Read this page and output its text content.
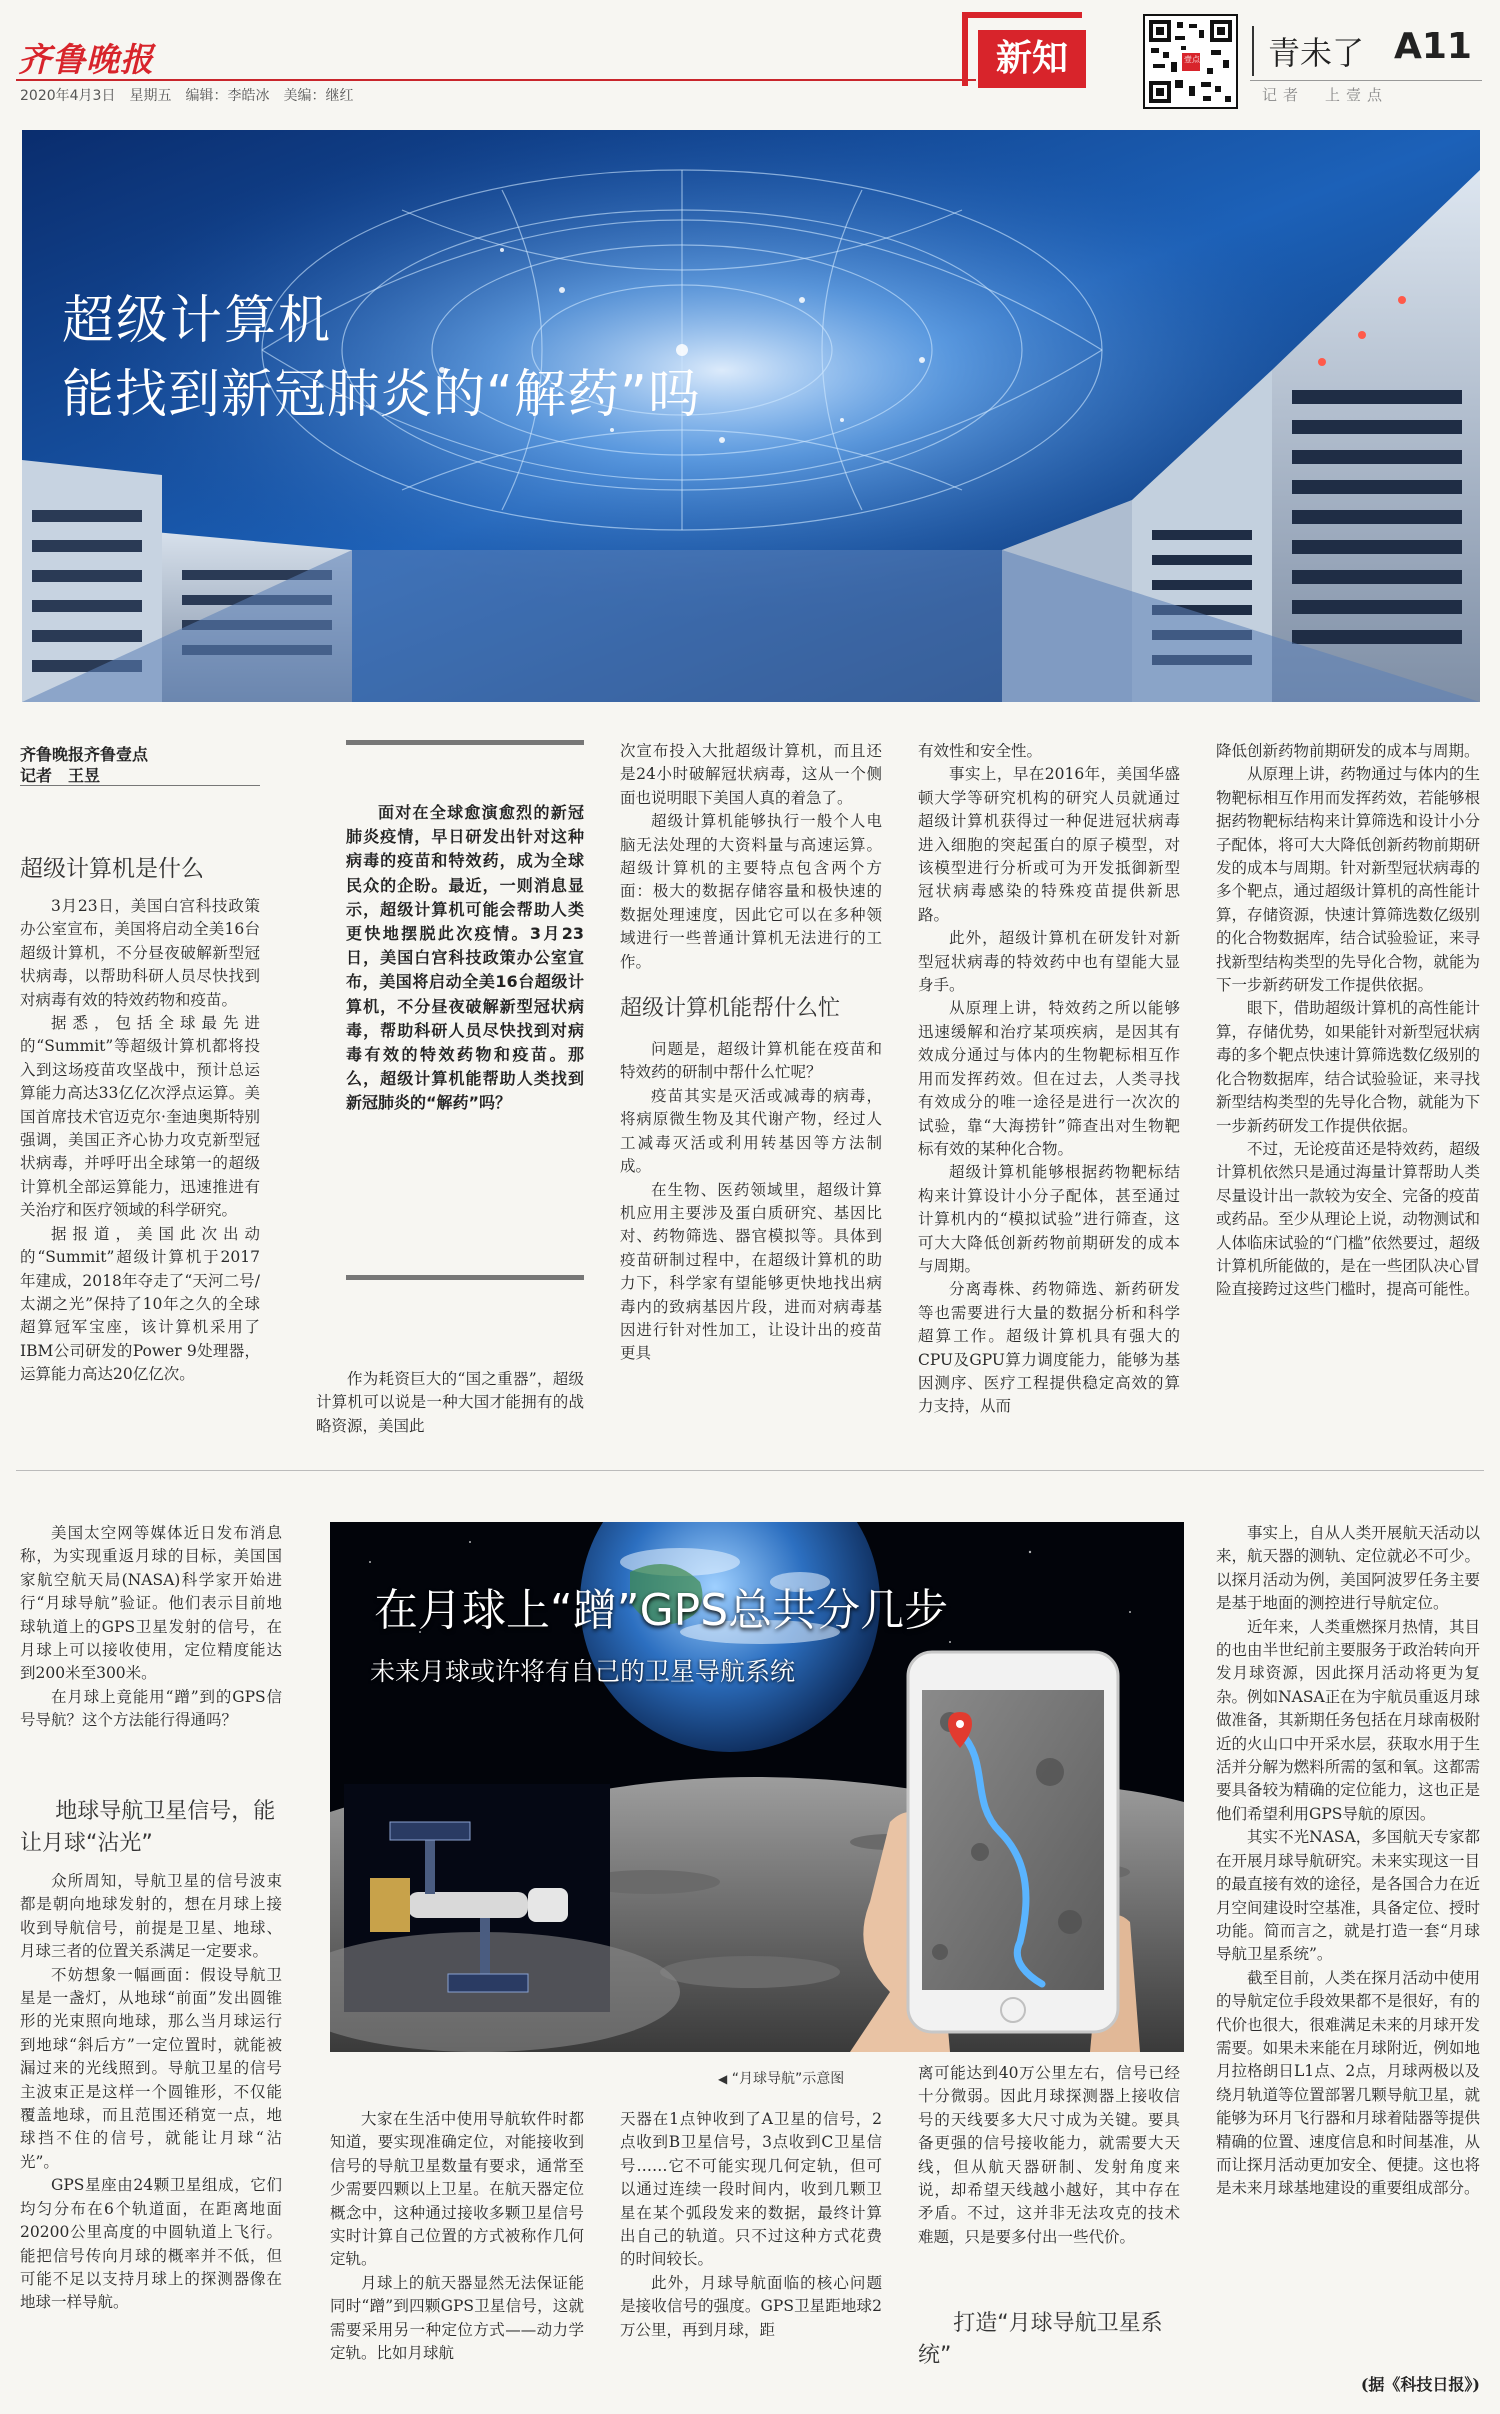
齐鲁晚报
2020年4月3日　星期五　编辑：李皓冰　美编：继红
新知	壹点 青未了 A11
记者　上壹点
超级计算机
能找到新冠肺炎的“解药”吗
齐鲁晚报齐鲁壹点
记者　王昱
超级计算机是什么

3月23日，美国白宫科技政策办公室宣布，美国将启动全美16台超级计算机，不分昼夜破解新型冠状病毒，以帮助科研人员尽快找到对病毒有效的特效药物和疫苗。

据悉，包括全球最先进的“Summit”等超级计算机都将投入到这场疫苗攻坚战中，预计总运算能力高达33亿亿次浮点运算。美国首席技术官迈克尔·奎迪奥斯特别强调，美国正齐心协力攻克新型冠状病毒，并呼吁出全球第一的超级计算机全部运算能力，迅速推进有关治疗和医疗领域的科学研究。

据报道，美国此次出动的“Summit”超级计算机于2017年建成，2018年夺走了“天河二号/太湖之光”保持了10年之久的全球超算冠军宝座，该计算机采用了IBM公司研发的Power 9处理器，运算能力高达20亿亿次。

面对在全球愈演愈烈的新冠肺炎疫情，早日研发出针对这种病毒的疫苗和特效药，成为全球民众的企盼。最近，一则消息显示，超级计算机可能会帮助人类更快地摆脱此次疫情。3月23日，美国白宫科技政策办公室宣布，美国将启动全美16台超级计算机，不分昼夜破解新型冠状病毒，帮助科研人员尽快找到对病毒有效的特效药物和疫苗。那么，超级计算机能帮助人类找到新冠肺炎的“解药”吗？

作为耗资巨大的“国之重器”，超级计算机可以说是一种大国才能拥有的战略资源，美国此

次宣布投入大批超级计算机，而且还是24小时破解冠状病毒，这从一个侧面也说明眼下美国人真的着急了。

超级计算机能够执行一般个人电脑无法处理的大资料量与高速运算。超级计算机的主要特点包含两个方面：极大的数据存储容量和极快速的数据处理速度，因此它可以在多种领域进行一些普通计算机无法进行的工作。

超级计算机能帮什么忙

问题是，超级计算机能在疫苗和特效药的研制中帮什么忙呢？

疫苗其实是灭活或减毒的病毒，将病原微生物及其代谢产物，经过人工减毒灭活或利用转基因等方法制成。

在生物、医药领域里，超级计算机应用主要涉及蛋白质研究、基因比对、药物筛选、器官模拟等。具体到疫苗研制过程中，在超级计算机的助力下，科学家有望能够更快地找出病毒内的致病基因片段，进而对病毒基因进行针对性加工，让设计出的疫苗更具

有效性和安全性。

事实上，早在2016年，美国华盛顿大学等研究机构的研究人员就通过超级计算机获得过一种促进冠状病毒进入细胞的突起蛋白的原子模型，对该模型进行分析或可为开发抵御新型冠状病毒感染的特殊疫苗提供新思路。

此外，超级计算机在研发针对新型冠状病毒的特效药中也有望能大显身手。

从原理上讲，特效药之所以能够迅速缓解和治疗某项疾病，是因其有效成分通过与体内的生物靶标相互作用而发挥药效。但在过去，人类寻找有效成分的唯一途径是进行一次次的试验，靠“大海捞针”筛查出对生物靶标有效的某种化合物。

超级计算机能够根据药物靶标结构来计算设计小分子配体，甚至通过计算机内的“模拟试验”进行筛查，这可大大降低创新药物前期研发的成本与周期。

分离毒株、药物筛选、新药研发等也需要进行大量的数据分析和科学超算工作。超级计算机具有强大的CPU及GPU算力调度能力，能够为基因测序、医疗工程提供稳定高效的算力支持，从而

降低创新药物前期研发的成本与周期。

从原理上讲，药物通过与体内的生物靶标相互作用而发挥药效，若能够根据药物靶标结构来计算筛选和设计小分子配体，将可大大降低创新药物前期研发的成本与周期。针对新型冠状病毒的多个靶点，通过超级计算机的高性能计算，存储资源，快速计算筛选数亿级别的化合物数据库，结合试验验证，来寻找新型结构类型的先导化合物，就能为下一步新药研发工作提供依据。

眼下，借助超级计算机的高性能计算，存储优势，如果能针对新型冠状病毒的多个靶点快速计算筛选数亿级别的化合物数据库，结合试验验证，来寻找新型结构类型的先导化合物，就能为下一步新药研发工作提供依据。

不过，无论疫苗还是特效药，超级计算机依然只是通过海量计算帮助人类尽量设计出一款较为安全、完备的疫苗或药品。至少从理论上说，动物测试和人体临床试验的“门槛”依然要过，超级计算机所能做的，是在一些团队决心冒险直接跨过这些门槛时，提高可能性。

在月球上“蹭”GPS总共分几步
未来月球或许将有自己的卫星导航系统
◀ “月球导航”示意图

美国太空网等媒体近日发布消息称，为实现重返月球的目标，美国国家航空航天局(NASA)科学家开始进行“月球导航”验证。他们表示目前地球轨道上的GPS卫星发射的信号，在月球上可以接收使用，定位精度能达到200米至300米。

在月球上竟能用“蹭”到的GPS信号导航？这个方法能行得通吗？

地球导航卫星信号，能让月球“沾光”

众所周知，导航卫星的信号波束都是朝向地球发射的，想在月球上接收到导航信号，前提是卫星、地球、月球三者的位置关系满足一定要求。

不妨想象一幅画面：假设导航卫星是一盏灯，从地球“前面”发出圆锥形的光束照向地球，那么当月球运行到地球“斜后方”一定位置时，就能被漏过来的光线照到。导航卫星的信号主波束正是这样一个圆锥形，不仅能覆盖地球，而且范围还稍宽一点，地球挡不住的信号，就能让月球“沾光”。

GPS星座由24颗卫星组成，它们均匀分布在6个轨道面，在距离地面20200公里高度的中圆轨道上飞行。能把信号传向月球的概率并不低，但可能不足以支持月球上的探测器像在地球一样导航。

大家在生活中使用导航软件时都知道，要实现准确定位，对能接收到信号的导航卫星数量有要求，通常至少需要四颗以上卫星。在航天器定位概念中，这种通过接收多颗卫星信号实时计算自己位置的方式被称作几何定轨。

月球上的航天器显然无法保证能同时“蹭”到四颗GPS卫星信号，这就需要采用另一种定位方式——动力学定轨。比如月球航

天器在1点钟收到了A卫星的信号，2点收到B卫星信号，3点收到C卫星信号……它不可能实现几何定轨，但可以通过连续一段时间内，收到几颗卫星在某个弧段发来的数据，最终计算出自己的轨道。只不过这种方式花费的时间较长。

此外，月球导航面临的核心问题是接收信号的强度。GPS卫星距地球2万公里，再到月球，距

离可能达到40万公里左右，信号已经十分微弱。因此月球探测器上接收信号的天线要多大尺寸成为关键。要具备更强的信号接收能力，就需要大天线，但从航天器研制、发射角度来说，却希望天线越小越好，其中存在矛盾。不过，这并非无法攻克的技术难题，只是要多付出一些代价。

打造“月球导航卫星系统”

事实上，自从人类开展航天活动以来，航天器的测轨、定位就必不可少。以探月活动为例，美国阿波罗任务主要是基于地面的测控进行导航定位。

近年来，人类重燃探月热情，其目的也由半世纪前主要服务于政治转向开发月球资源，因此探月活动将更为复杂。例如NASA正在为宇航员重返月球做准备，其新期任务包括在月球南极附近的火山口中开采水层，获取水用于生活并分解为燃料所需的氢和氧。这都需要具备较为精确的定位能力，这也正是他们希望利用GPS导航的原因。

其实不光NASA，多国航天专家都在开展月球导航研究。未来实现这一目的最直接有效的途径，是各国合力在近月空间建设时空基准，具备定位、授时功能。简而言之，就是打造一套“月球导航卫星系统”。

截至目前，人类在探月活动中使用的导航定位手段效果都不是很好，有的代价也很大，很难满足未来的月球开发需要。如果未来能在月球附近，例如地月拉格朗日L1点、2点，月球两极以及绕月轨道等位置部署几颗导航卫星，就能够为环月飞行器和月球着陆器等提供精确的位置、速度信息和时间基准，从而让探月活动更加安全、便捷。这也将是未来月球基地建设的重要组成部分。

(据《科技日报》)
